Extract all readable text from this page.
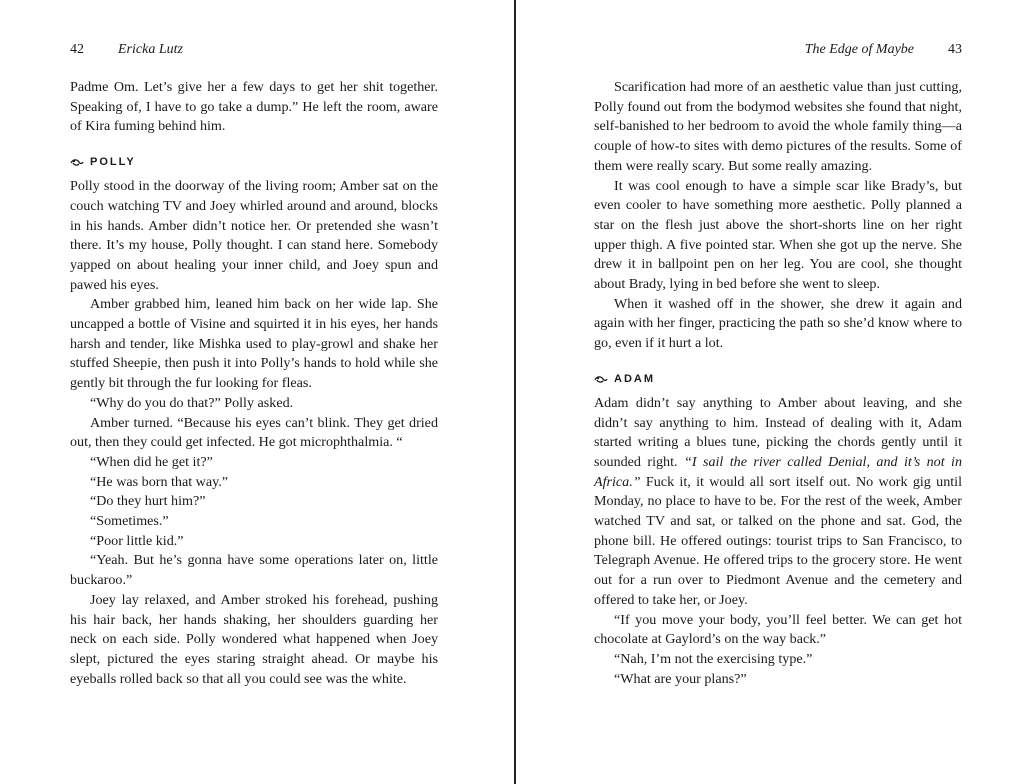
42 Ericka Lutz

Padme Om. Let’s give her a few days to get her shit together. Speaking of, I have to go take a dump.” He left the room, aware of Kira fuming behind him.

POLLY

Polly stood in the doorway of the living room; Amber sat on the couch watching TV and Joey whirled around and around, blocks in his hands. Amber didn’t notice her. Or pretended she wasn’t there. It’s my house, Polly thought. I can stand here. Somebody yapped on about healing your inner child, and Joey spun and pawed his eyes.

Amber grabbed him, leaned him back on her wide lap. She uncapped a bottle of Visine and squirted it in his eyes, her hands harsh and tender, like Mishka used to play-growl and shake her stuffed Sheepie, then push it into Polly’s hands to hold while she gently bit through the fur looking for fleas.

“Why do you do that?” Polly asked.

Amber turned. “Because his eyes can’t blink. They get dried out, then they could get infected. He got microphthalmia. “

“When did he get it?”

“He was born that way.”

“Do they hurt him?”

“Sometimes.”

“Poor little kid.”

“Yeah. But he’s gonna have some operations later on, little buckaroo.”

Joey lay relaxed, and Amber stroked his forehead, pushing his hair back, her hands shaking, her shoulders guarding her neck on each side. Polly wondered what happened when Joey slept, pictured the eyes staring straight ahead. Or maybe his eyeballs rolled back so that all you could see was the white.

The Edge of Maybe 43

Scarification had more of an aesthetic value than just cutting, Polly found out from the bodymod websites she found that night, self-banished to her bedroom to avoid the whole family thing—a couple of how-to sites with demo pictures of the results. Some of them were really scary. But some really amazing.

It was cool enough to have a simple scar like Brady’s, but even cooler to have something more aesthetic. Polly planned a star on the flesh just above the short-shorts line on her right upper thigh. A five pointed star. When she got up the nerve. She drew it in ballpoint pen on her leg. You are cool, she thought about Brady, lying in bed before she went to sleep.

When it washed off in the shower, she drew it again and again with her finger, practicing the path so she’d know where to go, even if it hurt a lot.

ADAM

Adam didn’t say anything to Amber about leaving, and she didn’t say anything to him. Instead of dealing with it, Adam started writing a blues tune, picking the chords gently until it sounded right. “I sail the river called Denial, and it’s not in Africa.” Fuck it, it would all sort itself out. No work gig until Monday, no place to have to be. For the rest of the week, Amber watched TV and sat, or talked on the phone and sat. God, the phone bill. He offered outings: tourist trips to San Francisco, to Telegraph Avenue. He offered trips to the grocery store. He went out for a run over to Piedmont Avenue and the cemetery and offered to take her, or Joey.

“If you move your body, you’ll feel better. We can get hot chocolate at Gaylord’s on the way back.”

“Nah, I’m not the exercising type.”

“What are your plans?”
